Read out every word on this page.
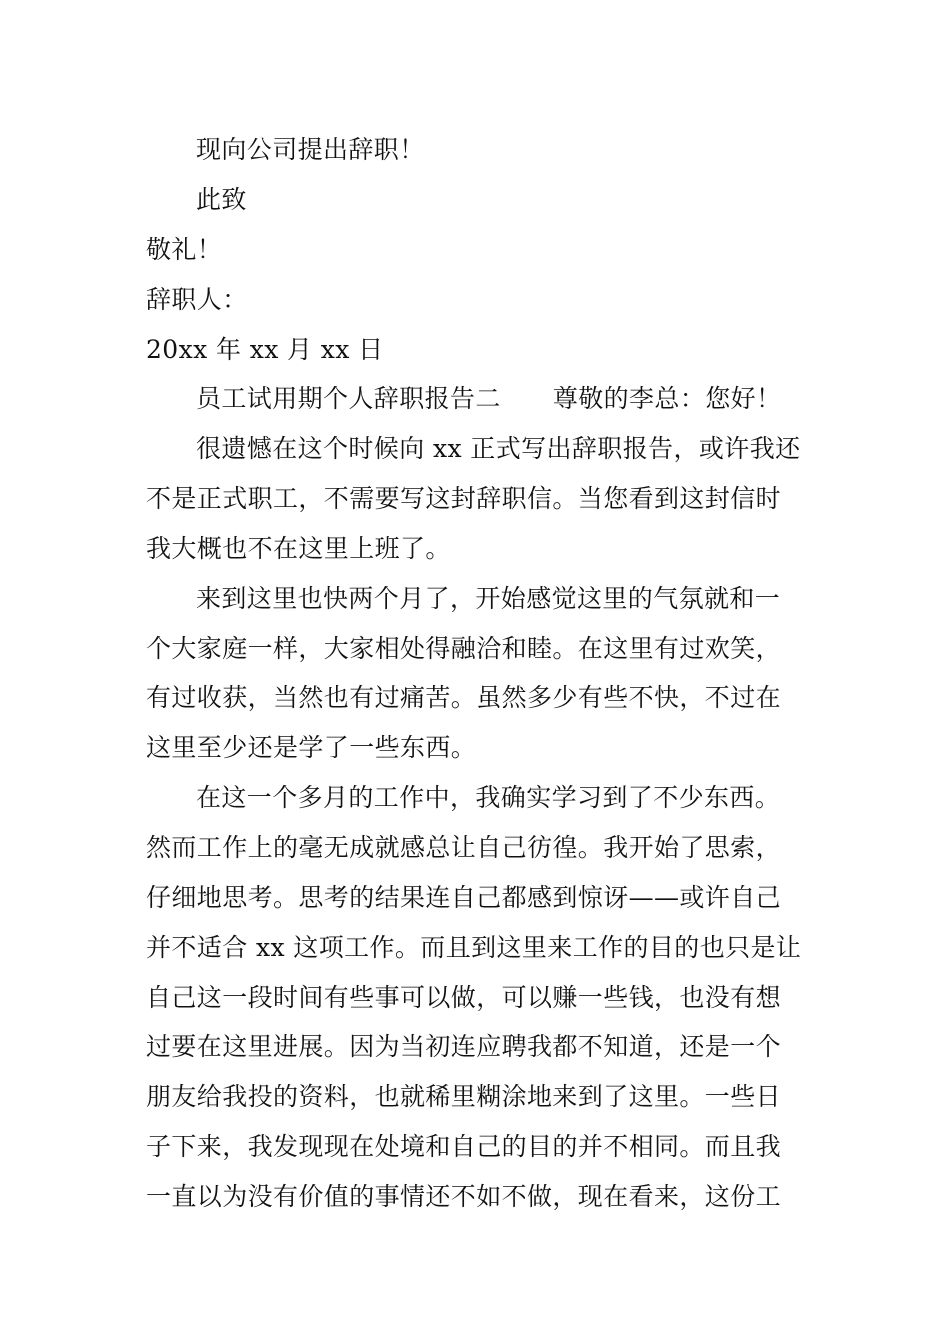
现向公司提出辞职！
此致
敬礼！
辞职人：
20xx 年 xx 月 xx 日
员工试用期个人辞职报告二 尊敬的李总：您好！
很遗憾在这个时候向 xx 正式写出辞职报告，或许我还
不是正式职工，不需要写这封辞职信。当您看到这封信时
我大概也不在这里上班了。
来到这里也快两个月了，开始感觉这里的气氛就和一
个大家庭一样，大家相处得融洽和睦。在这里有过欢笑，
有过收获，当然也有过痛苦。虽然多少有些不快，不过在
这里至少还是学了一些东西。
在这一个多月的工作中，我确实学习到了不少东西。
然而工作上的毫无成就感总让自己彷徨。我开始了思索，
仔细地思考。思考的结果连自己都感到惊讶——或许自己
并不适合 xx 这项工作。而且到这里来工作的目的也只是让
自己这一段时间有些事可以做，可以赚一些钱，也没有想
过要在这里进展。因为当初连应聘我都不知道，还是一个
朋友给我投的资料，也就稀里糊涂地来到了这里。一些日
子下来，我发现现在处境和自己的目的并不相同。而且我
一直以为没有价值的事情还不如不做，现在看来，这份工
